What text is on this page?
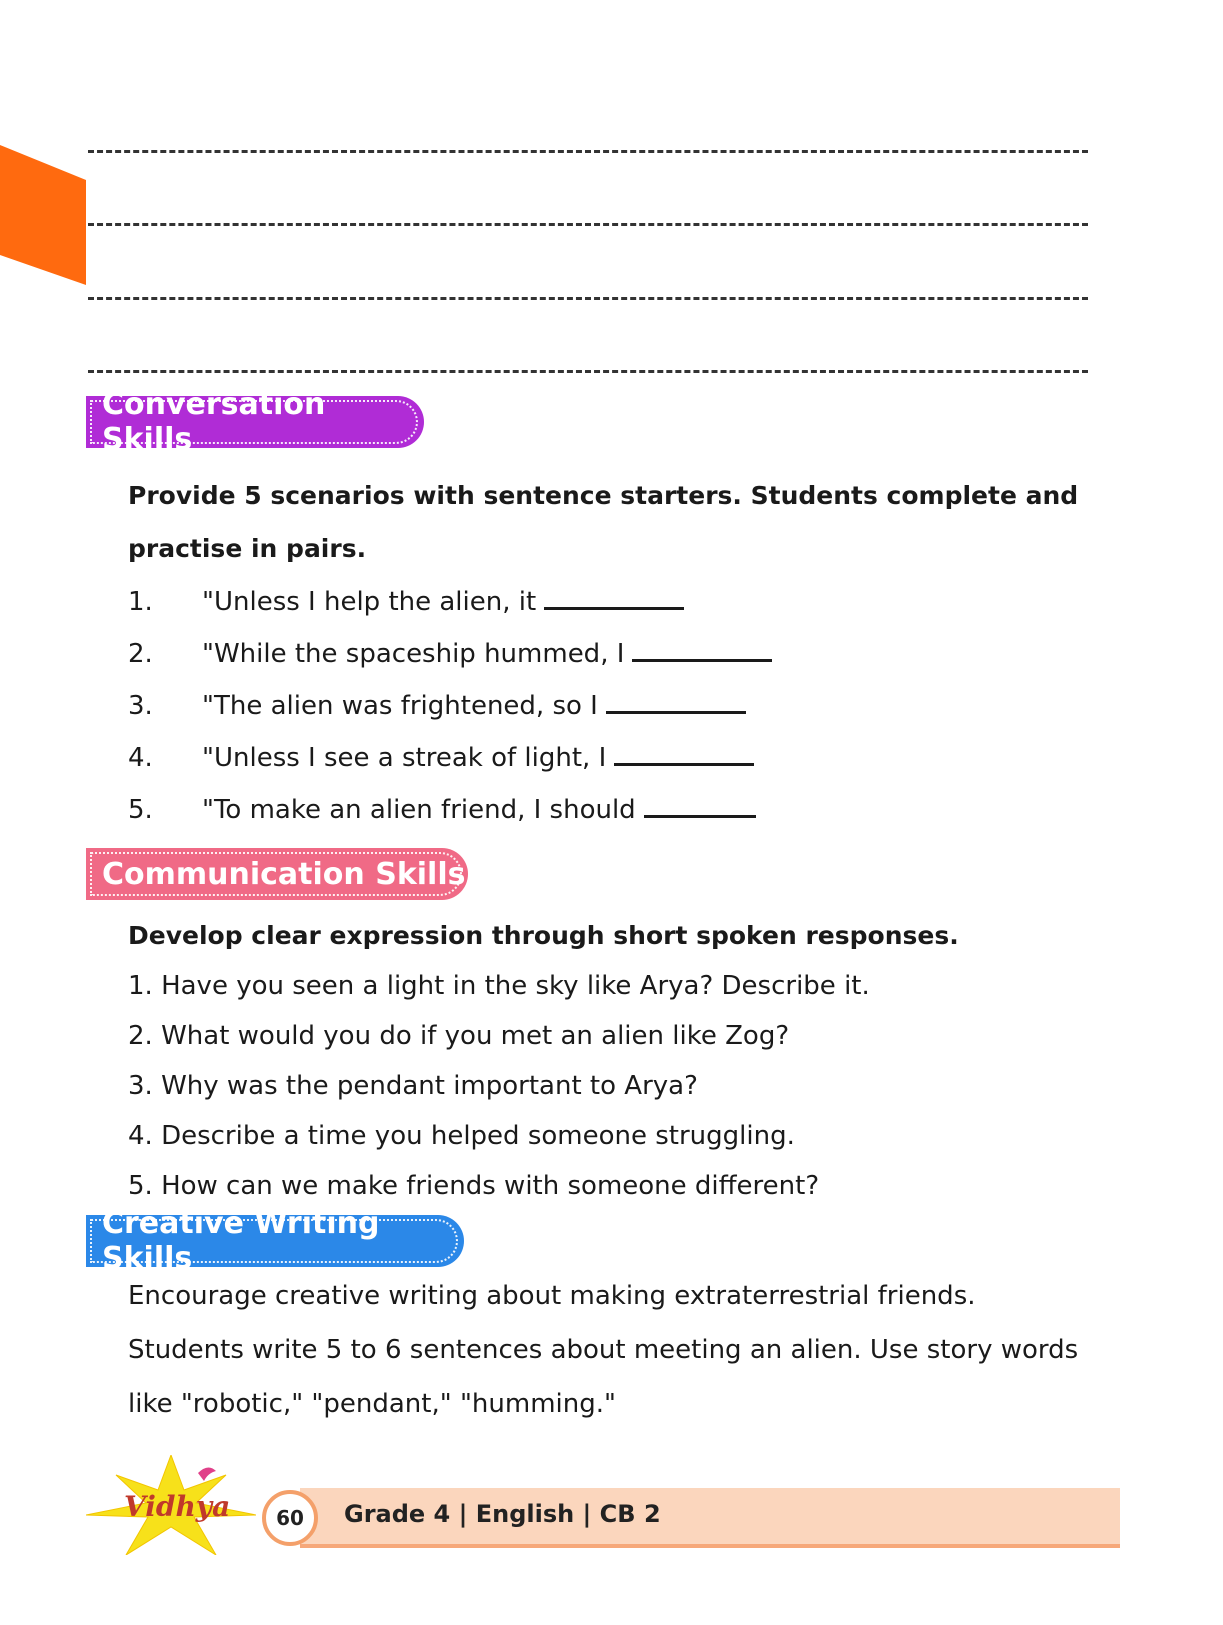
Conversation Skills
Provide 5 scenarios with sentence starters. Students complete and
practise in pairs.
1. "Unless I help the alien, it
2. "While the spaceship hummed, I
3. "The alien was frightened, so I
4. "Unless I see a streak of light, I
5. "To make an alien friend, I should
Communication Skills
Develop clear expression through short spoken responses.
1. Have you seen a light in the sky like Arya? Describe it.
2. What would you do if you met an alien like Zog?
3. Why was the pendant important to Arya?
4. Describe a time you helped someone struggling.
5. How can we make friends with someone different?
Creative Writing Skills
Encourage creative writing about making extraterrestrial friends.
Students write 5 to 6 sentences about meeting an alien. Use story words
like "robotic," "pendant," "humming."
Vidhya 60 Grade 4 | English | CB 2
